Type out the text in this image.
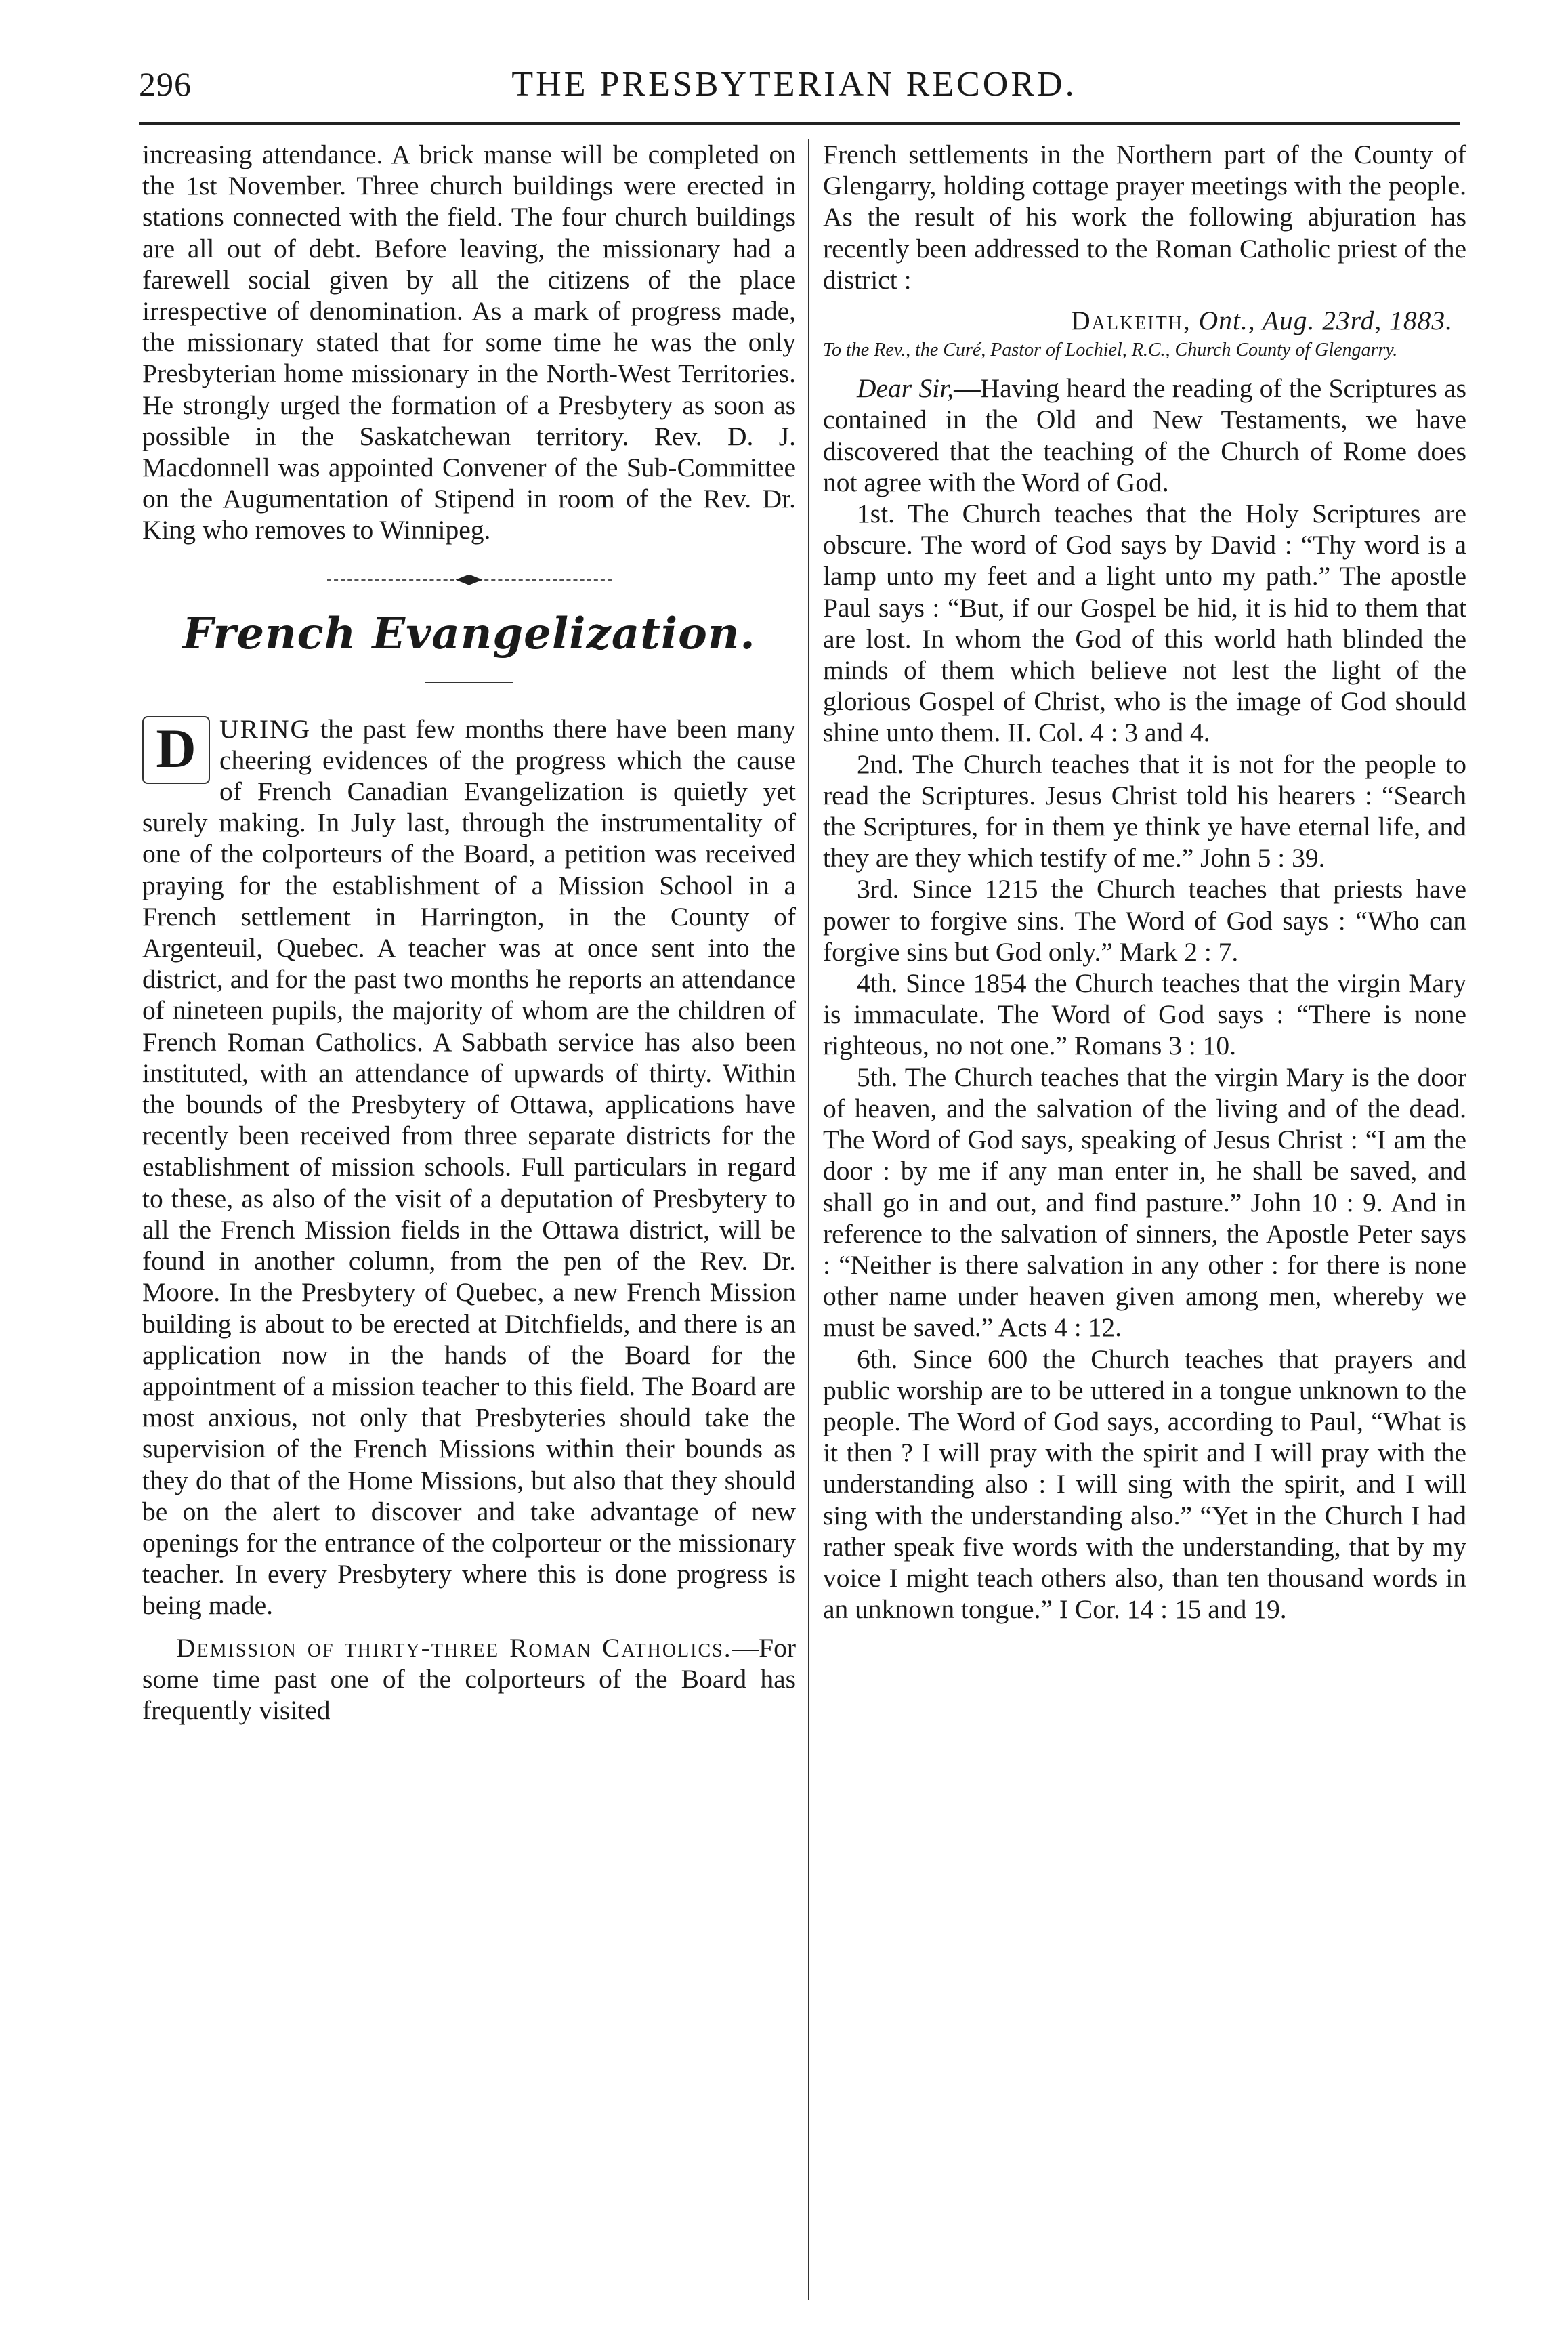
296	THE PRESBYTERIAN RECORD.

increasing attendance. A brick manse will be completed on the 1st November. Three church buildings were erected in stations connected with the field. The four church buildings are all out of debt. Before leaving, the missionary had a farewell social given by all the citizens of the place irrespective of denomination. As a mark of progress made, the missionary stated that for some time he was the only Presbyterian home missionary in the North-West Territories. He strongly urged the formation of a Presbytery as soon as possible in the Saskatchewan territory. Rev. D. J. Macdonnell was appointed Convener of the Sub-Committee on the Augumentation of Stipend in room of the Rev. Dr. King who removes to Winnipeg.

French Evangelization.

D URING the past few months there have been many cheering evidences of the progress which the cause of French Canadian Evangelization is quietly yet surely making. In July last, through the instrumentality of one of the colporteurs of the Board, a petition was received praying for the establishment of a Mission School in a French settlement in Harrington, in the County of Argenteuil, Quebec. A teacher was at once sent into the district, and for the past two months he reports an attendance of nineteen pupils, the majority of whom are the children of French Roman Catholics. A Sabbath service has also been instituted, with an attendance of upwards of thirty. Within the bounds of the Presbytery of Ottawa, applications have recently been received from three separate districts for the establishment of mission schools. Full particulars in regard to these, as also of the visit of a deputation of Presbytery to all the French Mission fields in the Ottawa district, will be found in another column, from the pen of the Rev. Dr. Moore. In the Presbytery of Quebec, a new French Mission building is about to be erected at Ditchfields, and there is an application now in the hands of the Board for the appointment of a mission teacher to this field. The Board are most anxious, not only that Presbyteries should take the supervision of the French Missions within their bounds as they do that of the Home Missions, but also that they should be on the alert to discover and take advantage of new openings for the entrance of the colporteur or the missionary teacher. In every Presbytery where this is done progress is being made.

Demission of thirty-three Roman Catholics.—For some time past one of the colporteurs of the Board has frequently visited

French settlements in the Northern part of the County of Glengarry, holding cottage prayer meetings with the people. As the result of his work the following abjuration has recently been addressed to the Roman Catholic priest of the district :

Dalkeith, Ont., Aug. 23rd, 1883.
To the Rev., the Curé, Pastor of Lochiel, R.C., Church County of Glengarry.

Dear Sir,—Having heard the reading of the Scriptures as contained in the Old and New Testaments, we have discovered that the teaching of the Church of Rome does not agree with the Word of God.

1st. The Church teaches that the Holy Scriptures are obscure. The word of God says by David : “Thy word is a lamp unto my feet and a light unto my path.” The apostle Paul says : “But, if our Gospel be hid, it is hid to them that are lost. In whom the God of this world hath blinded the minds of them which believe not lest the light of the glorious Gospel of Christ, who is the image of God should shine unto them. II. Col. 4 : 3 and 4.

2nd. The Church teaches that it is not for the people to read the Scriptures. Jesus Christ told his hearers : “Search the Scriptures, for in them ye think ye have eternal life, and they are they which testify of me.” John 5 : 39.

3rd. Since 1215 the Church teaches that priests have power to forgive sins. The Word of God says : “Who can forgive sins but God only.” Mark 2 : 7.

4th. Since 1854 the Church teaches that the virgin Mary is immaculate. The Word of God says : “There is none righteous, no not one.” Romans 3 : 10.

5th. The Church teaches that the virgin Mary is the door of heaven, and the salvation of the living and of the dead. The Word of God says, speaking of Jesus Christ : “I am the door : by me if any man enter in, he shall be saved, and shall go in and out, and find pasture.” John 10 : 9. And in reference to the salvation of sinners, the Apostle Peter says : “Neither is there salvation in any other : for there is none other name under heaven given among men, whereby we must be saved.” Acts 4 : 12.

6th. Since 600 the Church teaches that prayers and public worship are to be uttered in a tongue unknown to the people. The Word of God says, according to Paul, “What is it then ? I will pray with the spirit and I will pray with the understanding also : I will sing with the spirit, and I will sing with the understanding also.” “Yet in the Church I had rather speak five words with the understanding, that by my voice I might teach others also, than ten thousand words in an unknown tongue.” I Cor. 14 : 15 and 19.
